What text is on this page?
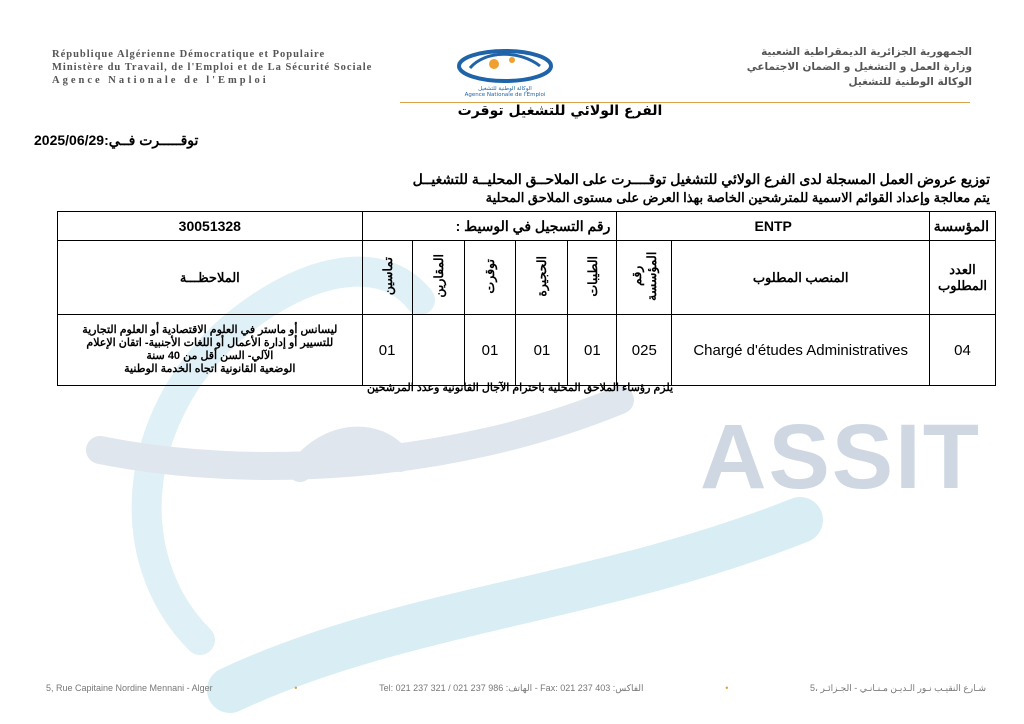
ASSIT
République Algérienne Démocratique et Populaire
Ministère du Travail, de l'Emploi et de La Sécurité Sociale
Agence Nationale de l'Emploi
الوكالة الوطنية للتشغيل
Agence Nationale de l'Emploi
الجمهورية الجزائرية الديمقراطية الشعبية
وزارة العمل و التشغيل و الضمان الاجتماعي
الوكالة الوطنية للتشغيل
الفرع الولائي للتشغيل توقرت
توقـــــرت فــي:2025/06/29
توزيع عروض العمل المسجلة لدى الفرع الولائي للتشغيل توقــــرت على الملاحــق المحليــة للتشغيــل
يتم معالجة وإعداد القوائم الاسمية للمترشحين الخاصة بهذا العرض على مستوى الملاحق المحلية
المؤسسة	ENTP		رقم التسجيل في الوسيط :					30051328
العدد المطلوب	المنصب المطلوب	رقم المؤسسة	الطيبات	الحجيرة	توقرت	المقارين	تماسين	الملاحظـــة
04	Chargé d'études Administratives	025	01	01	01		01	ليسانس أو ماستر في العلوم الاقتصادية أو العلوم التجارية
للتسيير أو إدارة الأعمال أو اللغات الأجنبية- اتقان الإعلام
الآلي- السن أقل من 40 سنة
الوضعية القانونية اتجاه الخدمة الوطنية
يلزم رؤساء الملاحق المحلية باحترام الآجال القانونية وعدد المرشحين
5, Rue Capitaine Nordine Mennani - Alger	•	Tel: 021 237 321 / 021 237 986 :الهاتف - Fax: 021 237 403 :الفاكس	•	5، شـارع النقيـب نـور الـديـن مـنـانـي - الجـزائـر
